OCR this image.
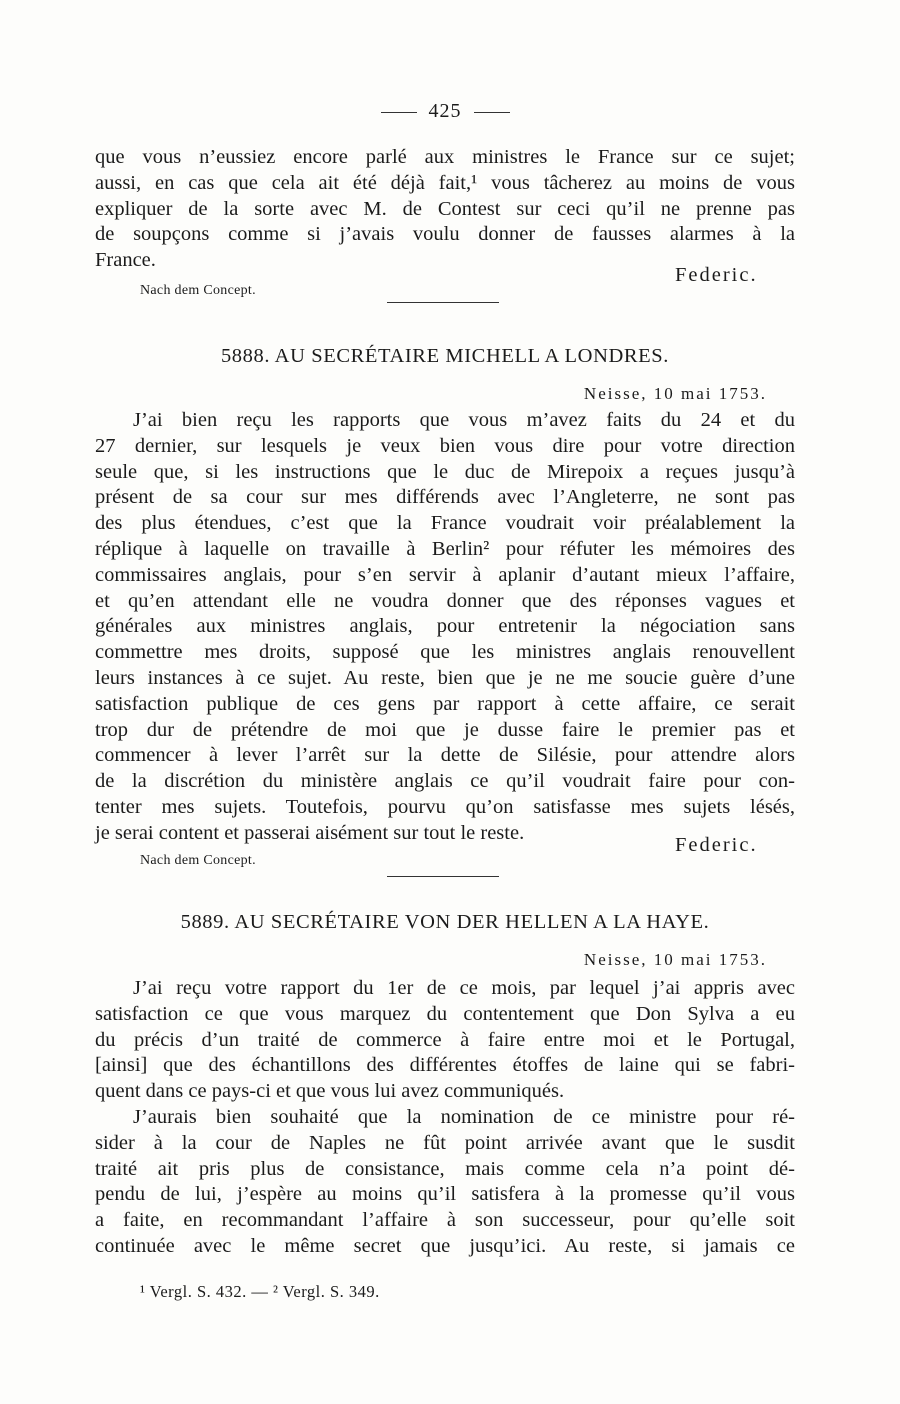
425
que vous n’eussiez encore parlé aux ministres le France sur ce sujet;
aussi, en cas que cela ait été déjà fait,¹ vous tâcherez au moins de vous
expliquer de la sorte avec M. de Contest sur ceci qu’il ne prenne pas
de soupçons comme si j’avais voulu donner de fausses alarmes à la
France.
Federic.
Nach dem Concept.
5888. AU SECRÉTAIRE MICHELL A LONDRES.
Neisse, 10 mai 1753.
J’ai bien reçu les rapports que vous m’avez faits du 24 et du
27 dernier, sur lesquels je veux bien vous dire pour votre direction
seule que, si les instructions que le duc de Mirepoix a reçues jusqu’à
présent de sa cour sur mes différends avec l’Angleterre, ne sont pas
des plus étendues, c’est que la France voudrait voir préalablement la
réplique à laquelle on travaille à Berlin² pour réfuter les mémoires des
commissaires anglais, pour s’en servir à aplanir d’autant mieux l’affaire,
et qu’en attendant elle ne voudra donner que des réponses vagues et
générales aux ministres anglais, pour entretenir la négociation sans
commettre mes droits, supposé que les ministres anglais renouvellent
leurs instances à ce sujet. Au reste, bien que je ne me soucie guère d’une
satisfaction publique de ces gens par rapport à cette affaire, ce serait
trop dur de prétendre de moi que je dusse faire le premier pas et
commencer à lever l’arrêt sur la dette de Silésie, pour attendre alors
de la discrétion du ministère anglais ce qu’il voudrait faire pour con-
tenter mes sujets. Toutefois, pourvu qu’on satisfasse mes sujets lésés,
je serai content et passerai aisément sur tout le reste.
Federic.
Nach dem Concept.
5889. AU SECRÉTAIRE VON DER HELLEN A LA HAYE.
Neisse, 10 mai 1753.
J’ai reçu votre rapport du 1er de ce mois, par lequel j’ai appris avec
satisfaction ce que vous marquez du contentement que Don Sylva a eu
du précis d’un traité de commerce à faire entre moi et le Portugal,
[ainsi] que des échantillons des différentes étoffes de laine qui se fabri-
quent dans ce pays-ci et que vous lui avez communiqués.
J’aurais bien souhaité que la nomination de ce ministre pour ré-
sider à la cour de Naples ne fût point arrivée avant que le susdit
traité ait pris plus de consistance, mais comme cela n’a point dé-
pendu de lui, j’espère au moins qu’il satisfera à la promesse qu’il vous
a faite, en recommandant l’affaire à son successeur, pour qu’elle soit
continuée avec le même secret que jusqu’ici. Au reste, si jamais ce
¹ Vergl. S. 432. — ² Vergl. S. 349.
